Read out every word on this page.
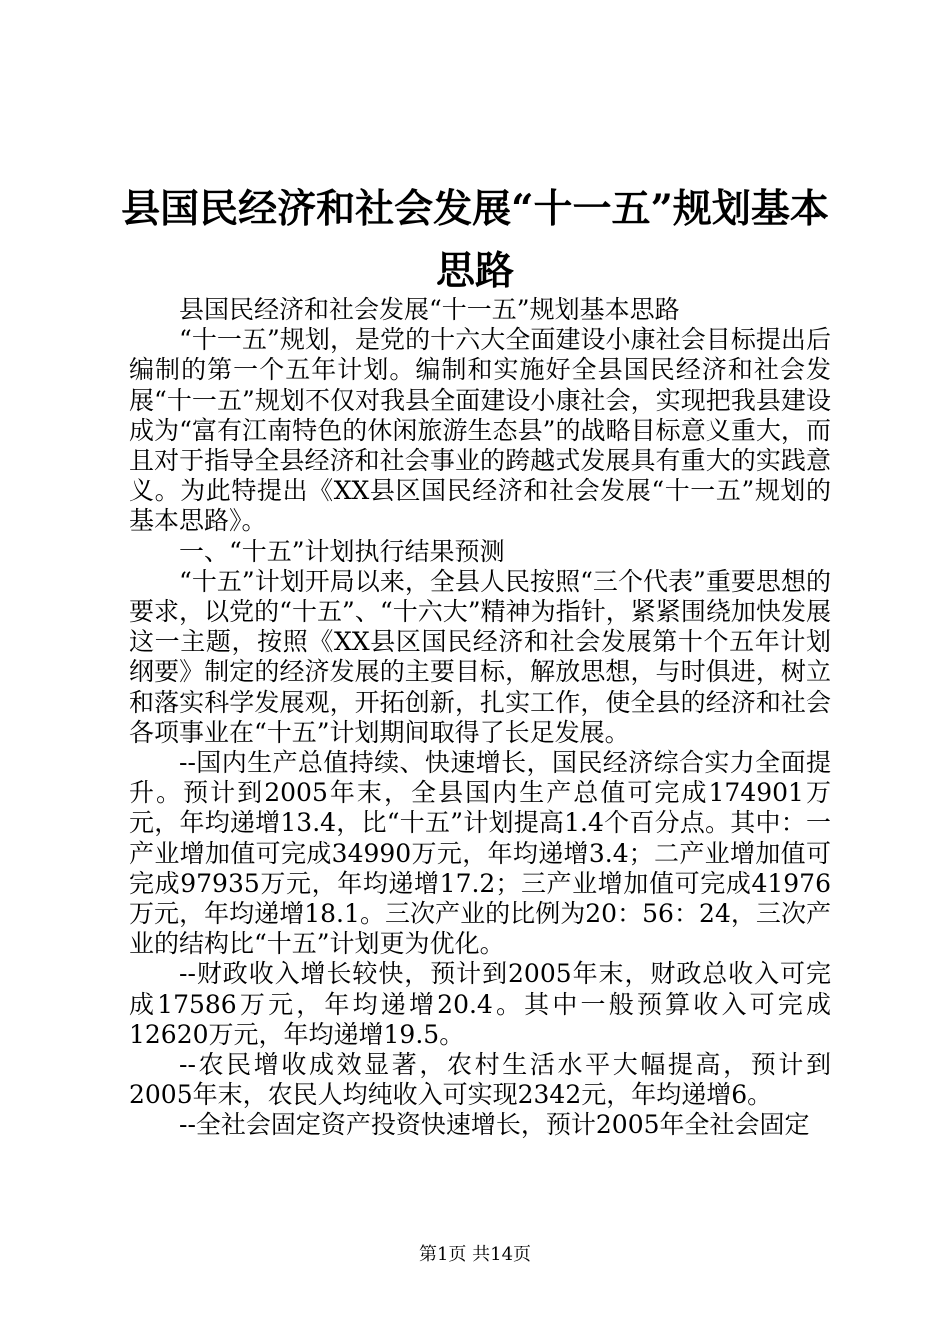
县国民经济和社会发展“十一五”规划基本思路

县国民经济和社会发展“十一五”规划基本思路

“十一五”规划，是党的十六大全面建设小康社会目标提出后编制的第一个五年计划。编制和实施好全县国民经济和社会发展“十一五”规划不仅对我县全面建设小康社会，实现把我县建设成为“富有江南特色的休闲旅游生态县”的战略目标意义重大，而且对于指导全县经济和社会事业的跨越式发展具有重大的实践意义。为此特提出《XX县区国民经济和社会发展“十一五”规划的基本思路》。

一、“十五”计划执行结果预测

“十五”计划开局以来，全县人民按照“三个代表”重要思想的要求，以党的“十五”、“十六大”精神为指针，紧紧围绕加快发展这一主题，按照《XX县区国民经济和社会发展第十个五年计划纲要》制定的经济发展的主要目标，解放思想，与时俱进，树立和落实科学发展观，开拓创新，扎实工作，使全县的经济和社会各项事业在“十五”计划期间取得了长足发展。

--国内生产总值持续、快速增长，国民经济综合实力全面提升。预计到2005年末，全县国内生产总值可完成174901万元，年均递增13.4，比“十五”计划提高1.4个百分点。其中：一产业增加值可完成34990万元，年均递增3.4；二产业增加值可完成97935万元，年均递增17.2；三产业增加值可完成41976万元，年均递增18.1。三次产业的比例为20：56：24，三次产业的结构比“十五”计划更为优化。

--财政收入增长较快，预计到2005年末，财政总收入可完成17586万元，年均递增20.4。其中一般预算收入可完成12620万元，年均递增19.5。

--农民增收成效显著，农村生活水平大幅提高，预计到2005年末，农民人均纯收入可实现2342元，年均递增6。

--全社会固定资产投资快速增长，预计2005年全社会固定

第1页 共14页
